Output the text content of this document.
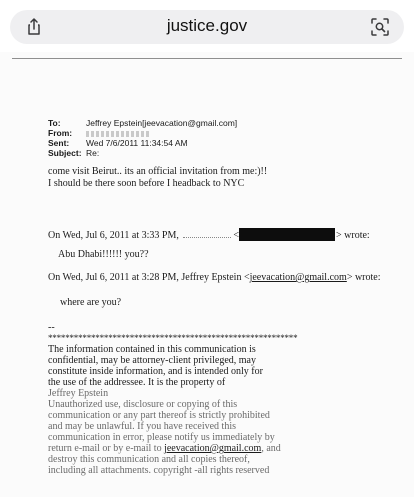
justice.gov
To:	Jeffrey Epstein[jeevacation@gmail.com]
From:
Sent: Wed 7/6/2011 11:34:54 AM
Subject: Re:
come visit Beirut.. its an official invitation from me:)!!
I should be there soon before I headback to NYC
On Wed, Jul 6, 2011 at 3:33 PM,	<	> wrote:
Abu Dhabi!!!!!! you??
On Wed, Jul 6, 2011 at 3:28 PM, Jeffrey Epstein <jeevacation@gmail.com> wrote:
where are you?
--
**********************************************************
The information contained in this communication is
confidential, may be attorney-client privileged, may
constitute inside information, and is intended only for
the use of the addressee. It is the property of
Jeffrey Epstein
Unauthorized use, disclosure or copying of this
communication or any part thereof is strictly prohibited
and may be unlawful. If you have received this
communication in error, please notify us immediately by
return e-mail or by e-mail to jeevacation@gmail.com, and
destroy this communication and all copies thereof,
including all attachments. copyright -all rights reserved
